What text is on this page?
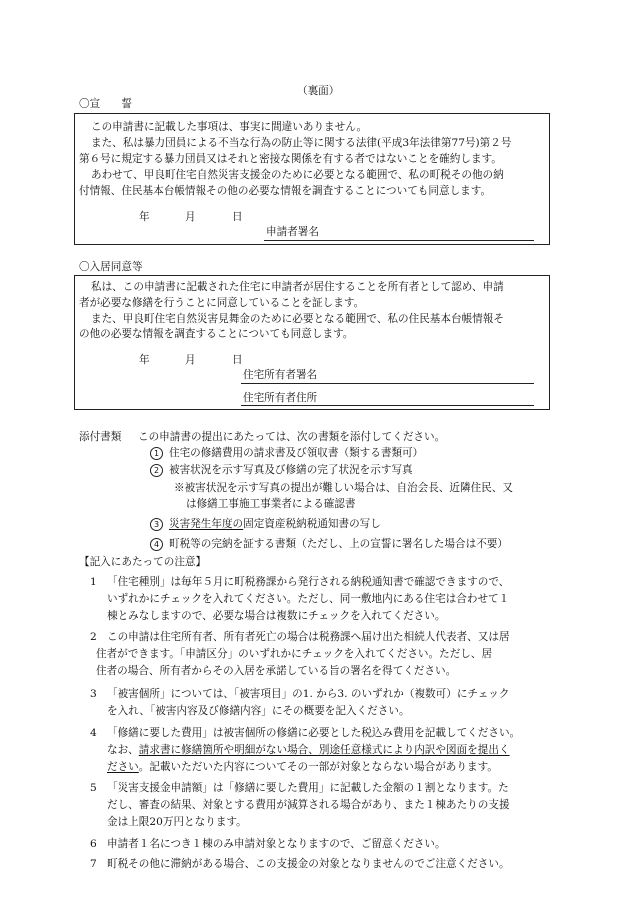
（裏面）
〇宣　　誓
この申請書に記載した事項は、事実に間違いありません。
また、私は暴力団員による不当な行為の防止等に関する法律(平成3年法律第77号)第２号
第６号に規定する暴力団員又はそれと密接な関係を有する者ではないことを確約します。
あわせて、甲良町住宅自然災害支援金のために必要となる範囲で、私の町税その他の納
付情報、住民基本台帳情報その他の必要な情報を調査することについても同意します。
年	月	日
申請者署名
〇入居同意等
私は、この申請書に記載された住宅に申請者が居住することを所有者として認め、申請
者が必要な修繕を行うことに同意していることを証します。
また、甲良町住宅自然災害見舞金のために必要となる範囲で、私の住民基本台帳情報そ
の他の必要な情報を調査することについても同意します。
年	月	日
住宅所有者署名
住宅所有者住所
添付書類 この申請書の提出にあたっては、次の書類を添付してください。
1 住宅の修繕費用の請求書及び領収書（類する書類可）
2 被害状況を示す写真及び修繕の完了状況を示す写真
※被害状況を示す写真の提出が難しい場合は、自治会長、近隣住民、又
は修繕工事施工事業者による確認書
3 災害発生年度の固定資産税納税通知書の写し
4 町税等の完納を証する書類（ただし、上の宣誓に署名した場合は不要）
【記入にあたっての注意】
1 「住宅種別」は毎年５月に町税務課から発行される納税通知書で確認できますので、
いずれかにチェックを入れてください。ただし、同一敷地内にある住宅は合わせて１
棟とみなしますので、必要な場合は複数にチェックを入れてください。
2 この申請は住宅所有者、所有者死亡の場合は税務課へ届け出た相続人代表者、又は居
住者ができます。「申請区分」のいずれかにチェックを入れてください。ただし、居
住者の場合、所有者からその入居を承諾している旨の署名を得てください。
3 「被害個所」については、「被害項目」の1. から3. のいずれか（複数可）にチェック
を入れ、「被害内容及び修繕内容」にその概要を記入ください。
4 「修繕に要した費用」は被害個所の修繕に必要とした税込み費用を記載してください。
なお、請求書に修繕箇所や明細がない場合、別途任意様式により内訳や図面を提出く
ださい。記載いただいた内容についてその一部が対象とならない場合があります。
5 「災害支援金申請額」は「修繕に要した費用」に記載した金額の１割となります。た
だし、審査の結果、対象とする費用が減算される場合があり、また１棟あたりの支援
金は上限20万円となります。
6 申請者１名につき１棟のみ申請対象となりますので、ご留意ください。
7 町税その他に滞納がある場合、この支援金の対象となりませんのでご注意ください。
